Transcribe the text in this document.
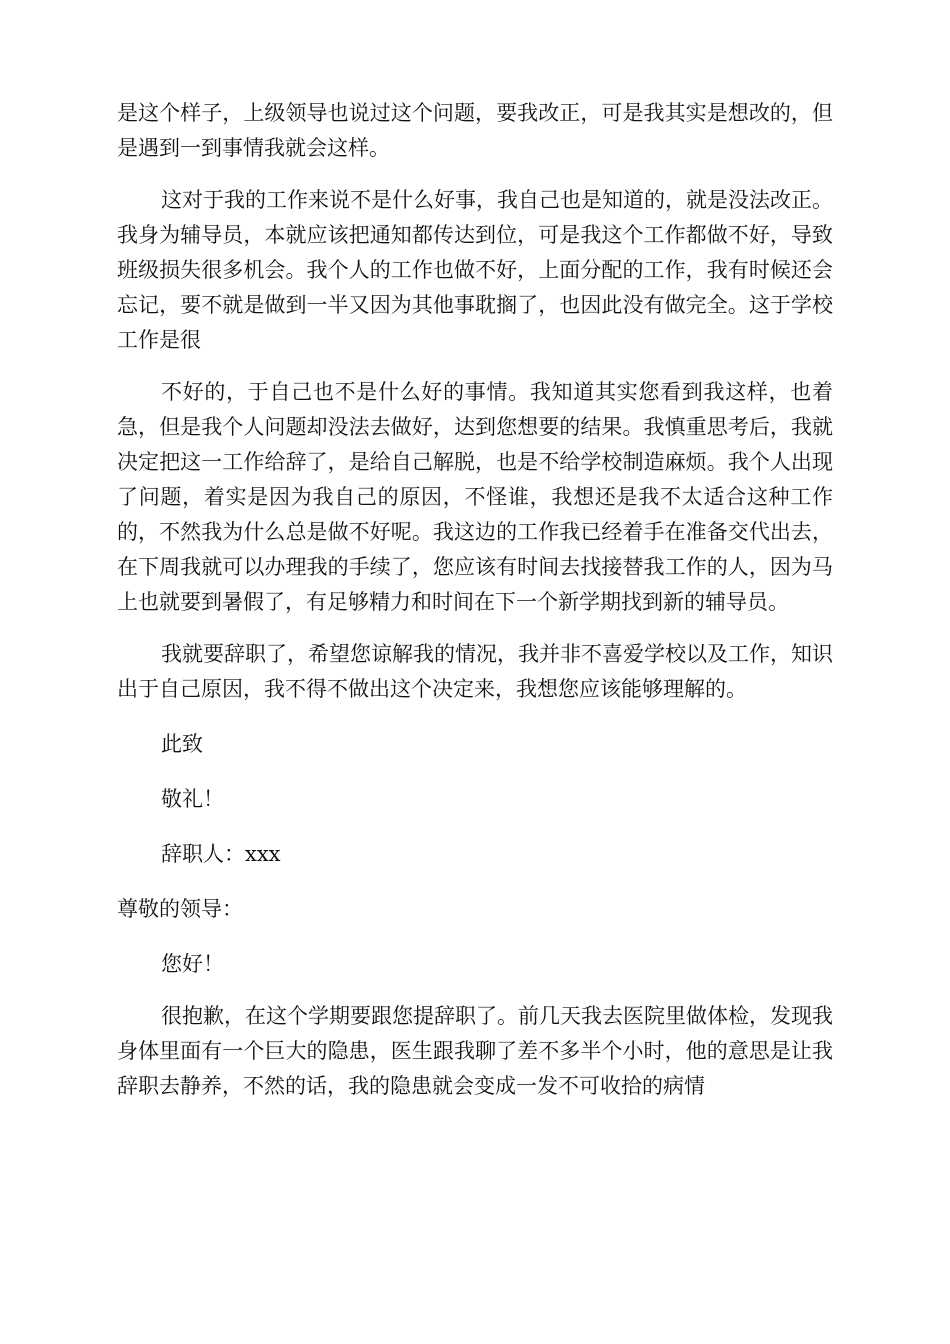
是这个样子，上级领导也说过这个问题，要我改正，可是我其实是想改的，但是遇到一到事情我就会这样。

这对于我的工作来说不是什么好事，我自己也是知道的，就是没法改正。我身为辅导员，本就应该把通知都传达到位，可是我这个工作都做不好，导致班级损失很多机会。我个人的工作也做不好，上面分配的工作，我有时候还会忘记，要不就是做到一半又因为其他事耽搁了，也因此没有做完全。这于学校工作是很

不好的，于自己也不是什么好的事情。我知道其实您看到我这样，也着急，但是我个人问题却没法去做好，达到您想要的结果。我慎重思考后，我就决定把这一工作给辞了，是给自己解脱，也是不给学校制造麻烦。我个人出现了问题，着实是因为我自己的原因，不怪谁，我想还是我不太适合这种工作的，不然我为什么总是做不好呢。我这边的工作我已经着手在准备交代出去，在下周我就可以办理我的手续了，您应该有时间去找接替我工作的人，因为马上也就要到暑假了，有足够精力和时间在下一个新学期找到新的辅导员。

我就要辞职了，希望您谅解我的情况，我并非不喜爱学校以及工作，知识出于自己原因，我不得不做出这个决定来，我想您应该能够理解的。

此致

敬礼！

辞职人：xxx

尊敬的领导：

您好！

很抱歉，在这个学期要跟您提辞职了。前几天我去医院里做体检，发现我身体里面有一个巨大的隐患，医生跟我聊了差不多半个小时，他的意思是让我辞职去静养，不然的话，我的隐患就会变成一发不可收拾的病情
